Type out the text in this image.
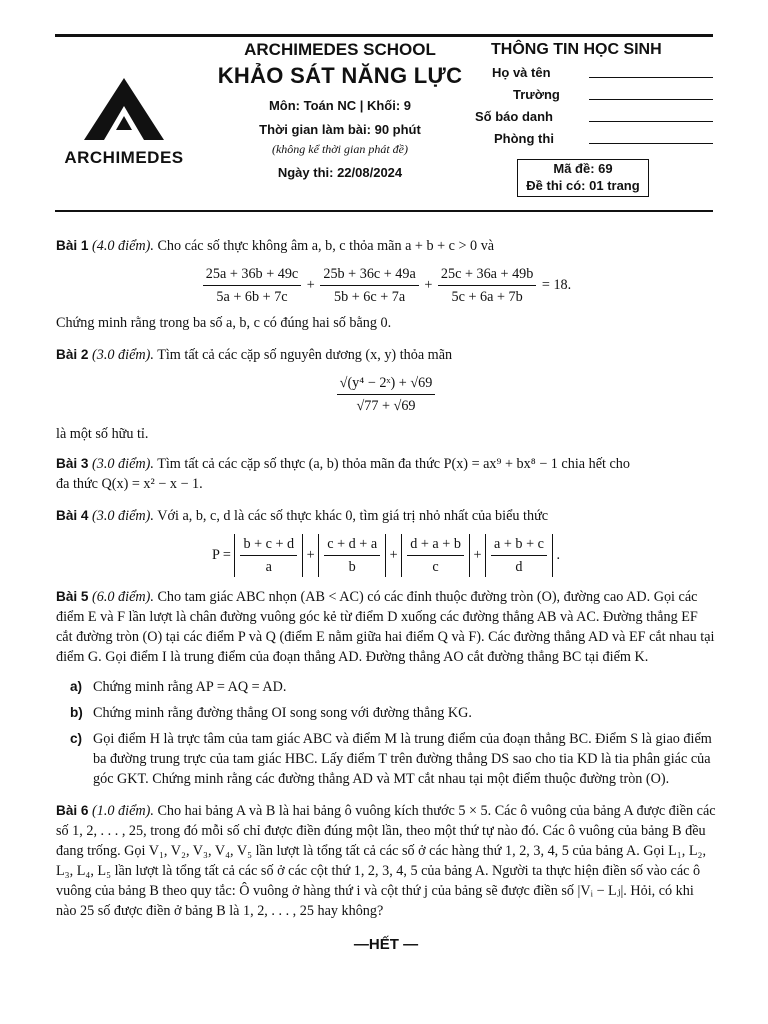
ARCHIMEDES
ARCHIMEDES SCHOOL
KHẢO SÁT NĂNG LỰC
Môn: Toán NC | Khối: 9
Thời gian làm bài: 90 phút
(không kể thời gian phát đề)
Ngày thi: 22/08/2024
THÔNG TIN HỌC SINH
Họ và tên
Trường
Số báo danh
Phòng thi
Mã đề: 69
Đề thi có: 01 trang

Bài 1 (4.0 điểm). Cho các số thực không âm a, b, c thỏa mãn a + b + c > 0 và

$\frac{25a + 36b + 49c}{5a + 6b + 7c} + \frac{25b + 36c + 49a}{5b + 6c + 7a} + \frac{25c + 36a + 49b}{5c + 6a + 7b} = 18$.

Chứng minh rằng trong ba số a, b, c có đúng hai số bằng 0.

Bài 2 (3.0 điểm). Tìm tất cả các cặp số nguyên dương (x, y) thỏa mãn

$\frac{\text{√(y⁴ − 2ˣ) + √69}}{√77 + √69}$

là một số hữu tỉ.

Bài 3 (3.0 điểm). Tìm tất cả các cặp số thực (a, b) thỏa mãn đa thức P(x) = ax⁹ + bx⁸ − 1 chia hết cho

đa thức Q(x) = x² − x − 1.

Bài 4 (3.0 điểm). Với a, b, c, d là các số thực khác 0, tìm giá trị nhỏ nhất của biểu thức

$P = \frac{b + c + d}{a} + \frac{c + d + a}{b} + \frac{d + a + b}{c} + \frac{a + b + c}{d}$ .

Bài 5 (6.0 điểm). Cho tam giác ABC nhọn (AB < AC) có các đỉnh thuộc đường tròn (O), đường cao AD. Gọi các điểm E và F lần lượt là chân đường vuông góc kẻ từ điểm D xuống các đường thẳng AB và AC. Đường thẳng EF cắt đường tròn (O) tại các điểm P và Q (điểm E nằm giữa hai điểm Q và F). Các đường thẳng AD và EF cắt nhau tại điểm G. Gọi điểm I là trung điểm của đoạn thẳng AD. Đường thẳng AO cắt đường thẳng BC tại điểm K.

a) Chứng minh rằng AP = AQ = AD.
b) Chứng minh rằng đường thẳng OI song song với đường thẳng KG.
c) Gọi điểm H là trực tâm của tam giác ABC và điểm M là trung điểm của đoạn thẳng BC. Điểm S là giao điểm ba đường trung trực của tam giác HBC. Lấy điểm T trên đường thẳng DS sao cho tia KD là tia phân giác của góc GKT. Chứng minh rằng các đường thẳng AD và MT cắt nhau tại một điểm thuộc đường tròn (O).

Bài 6 (1.0 điểm). Cho hai bảng A và B là hai bảng ô vuông kích thước 5 × 5. Các ô vuông của bảng A được điền các số 1, 2, . . . , 25, trong đó mỗi số chỉ được điền đúng một lần, theo một thứ tự nào đó. Các ô vuông của bảng B đều đang trống. Gọi V₁, V₂, V₃, V₄, V₅ lần lượt là tổng tất cả các số ở các hàng thứ 1, 2, 3, 4, 5 của bảng A. Gọi L₁, L₂, L₃, L₄, L₅ lần lượt là tổng tất cả các số ở các cột thứ 1, 2, 3, 4, 5 của bảng A. Người ta thực hiện điền số vào các ô vuông của bảng B theo quy tắc: Ô vuông ở hàng thứ i và cột thứ j của bảng sẽ được điền số |Vᵢ − Lⱼ|. Hỏi, có khi nào 25 số được điền ở bảng B là 1, 2, . . . , 25 hay không?

—HẾT —
